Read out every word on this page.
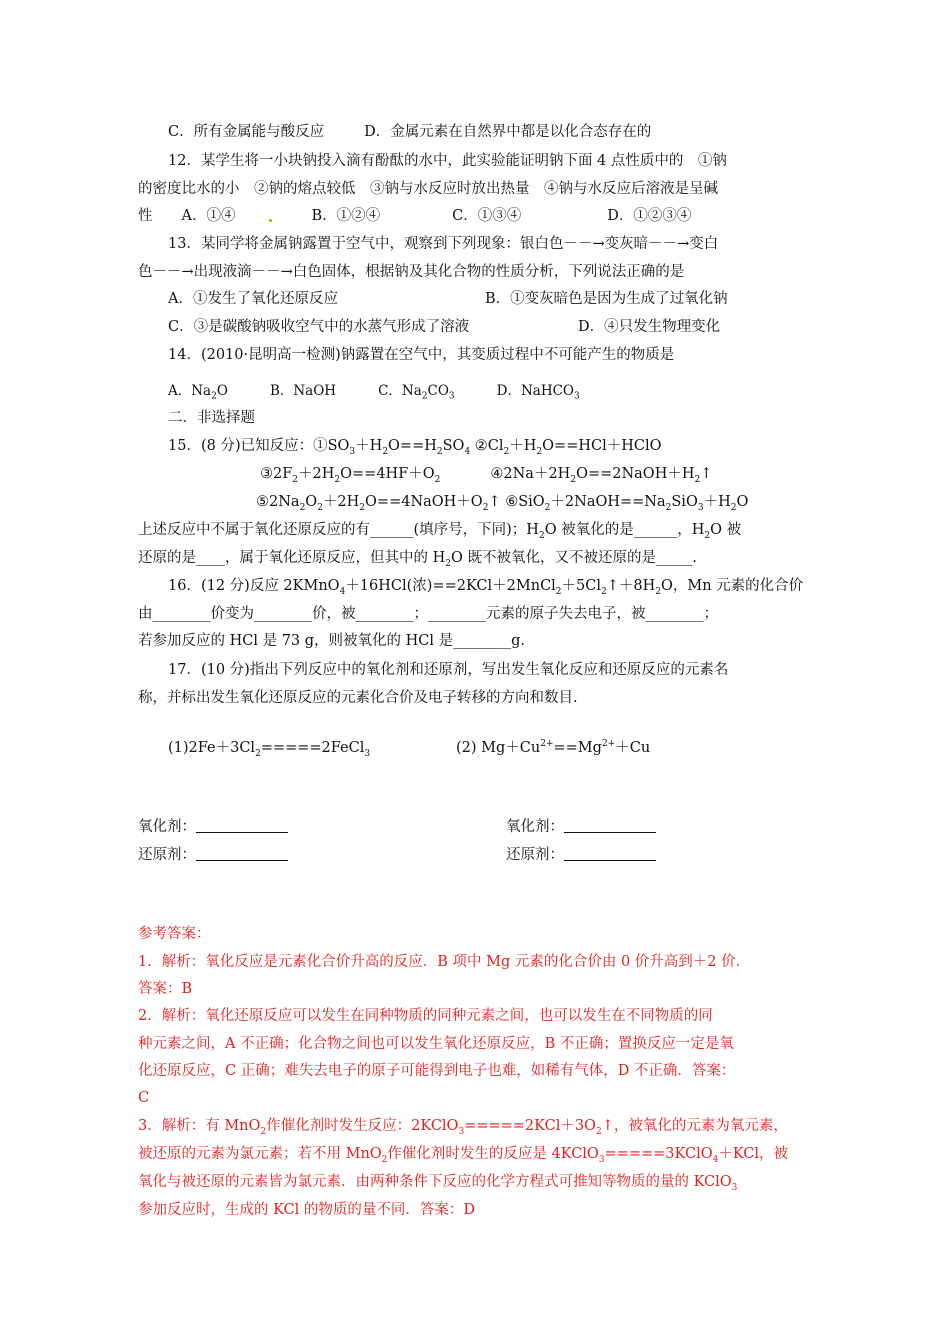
C．所有金属能与酸反应	D．金属元素在自然界中都是以化合态存在的
12．某学生将一小块钠投入滴有酚酞的水中，此实验能证明钠下面 4 点性质中的　①钠
的密度比水的小　②钠的熔点较低　③钠与水反应时放出热量　④钠与水反应后溶液是呈碱
性　　A．①④	B．①②④	C．①③④	D．①②③④
13．某同学将金属钠露置于空气中，观察到下列现象：银白色－－→变灰暗－－→变白
色－－→出现液滴－－→白色固体，根据钠及其化合物的性质分析，下列说法正确的是
A．①发生了氧化还原反应	B．①变灰暗色是因为生成了过氧化钠
C．③是碳酸钠吸收空气中的水蒸气形成了溶液	D．④只发生物理变化
14．(2010·昆明高一检测)钠露置在空气中，其变质过程中不可能产生的物质是
A．$Na_2O$	B．NaOH	C．$Na_2CO_3$	D．NaHCO$_3$
二．非选择题
15．(8 分)已知反应：$①SO_3+H_2O==H_2SO_4$ $②Cl_2+H_2O==HCl+HClO$
$③2F_2+2H_2O==4HF+O_2$	$④2Na+2H_2O==2NaOH+H_2↑$
$⑤2Na_2O_2+2H_2O==4NaOH+O_2↑$ $⑥SiO_2+2NaOH==Na_2SiO_3+H_2O$
上述反应中不属于氧化还原反应的有______(填序号，下同)；$H_2O$ 被氧化的是______，$H_2O$ 被
还原的是____，属于氧化还原反应，但其中的 $H_2O$ 既不被氧化，又不被还原的是_____.
16．(12 分)反应 2KMnO$_4$＋16HCl(浓)$==2KCl+2MnCl_2+5Cl_2↑+8H_2O$，Mn 元素的化合价
由________价变为________价，被________；________元素的原子失去电子，被________；
若参加反应的 HCl 是 73 g，则被氧化的 HCl 是________g.
17．(10 分)指出下列反应中的氧化剂和还原剂，写出发生氧化反应和还原反应的元素名
称，并标出发生氧化还原反应的元素化合价及电子转移的方向和数目.
$(1)2Fe+3Cl_2=====2FeCl_3$	(2) $Mg+Cu^{2+}==Mg^{2+}+Cu$
氧化剂：	氧化剂：
还原剂：	还原剂：
参考答案：
1．解析：氧化反应是元素化合价升高的反应．B 项中 Mg 元素的化合价由 0 价升高到＋2 价．
答案：B
2．解析：氧化还原反应可以发生在同种物质的同种元素之间，也可以发生在不同物质的同
种元素之间，A 不正确；化合物之间也可以发生氧化还原反应，B 不正确；置换反应一定是氧
化还原反应，C 正确；难失去电子的原子可能得到电子也难，如稀有气体，D 不正确．答案：
C
3．解析：有 MnO$_2$作催化剂时发生反应：$2KClO_3=====2KCl+3O_2↑$，被氧化的元素为氧元素，
被还原的元素为氯元素；若不用 MnO$_2$作催化剂时发生的反应是 4KClO$_3$=====3KClO$_4$＋KCl，被
氧化与被还原的元素皆为氯元素．由两种条件下反应的化学方程式可推知等物质的量的 KClO$_3$
参加反应时，生成的 KCl 的物质的量不同．答案：D
